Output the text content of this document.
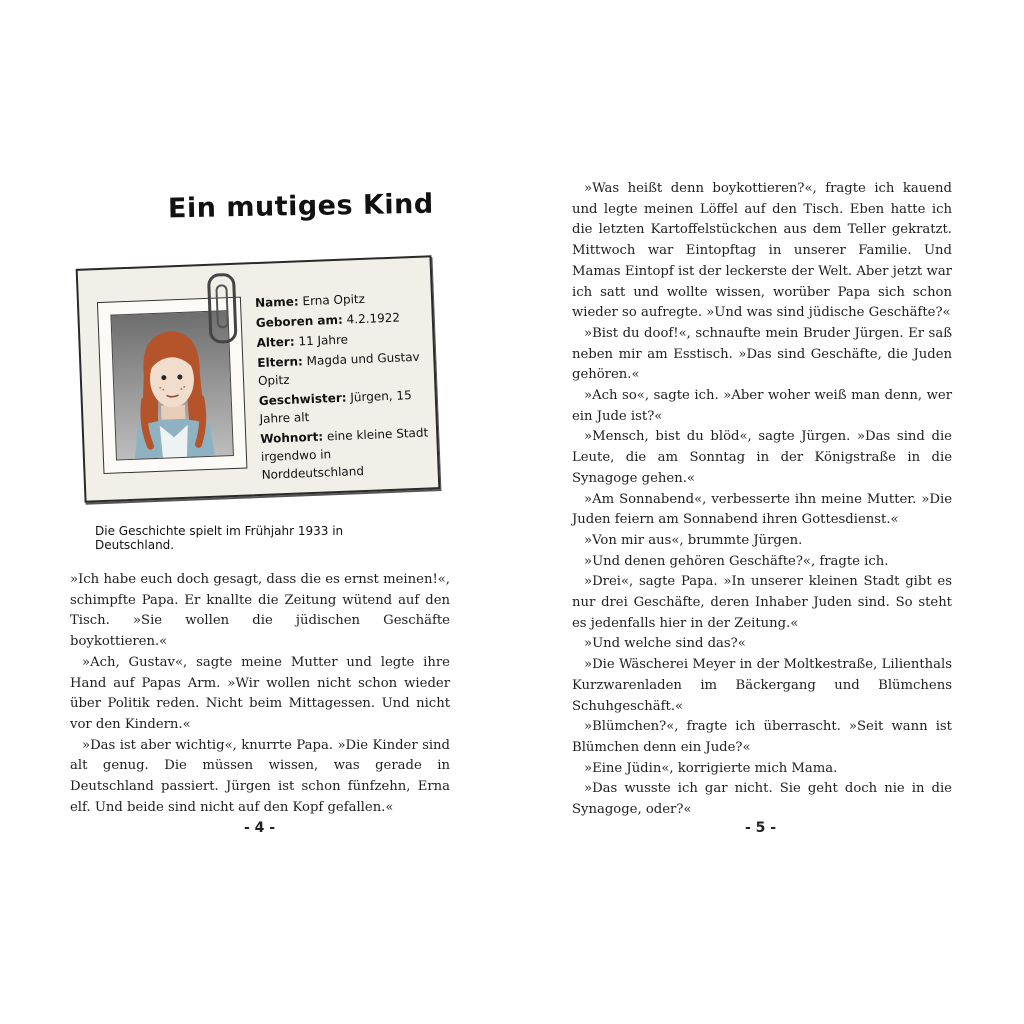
Ein mutiges Kind

Name: Erna Opitz

Geboren am: 4.2.1922

Alter: 11 Jahre

Eltern: Magda und Gustav Opitz

Geschwister: Jürgen, 15 Jahre alt

Wohnort: eine kleine Stadt irgendwo in Norddeutschland

Die Geschichte spielt im Frühjahr 1933 in Deutschland.

»Ich habe euch doch gesagt, dass die es ernst meinen!«, schimpfte Papa. Er knallte die Zeitung wütend auf den Tisch. »Sie wollen die jüdischen Geschäfte boykottieren.«

»Ach, Gustav«, sagte meine Mutter und legte ihre Hand auf Papas Arm. »Wir wollen nicht schon wieder über Politik reden. Nicht beim Mittagessen. Und nicht vor den Kindern.«

»Das ist aber wichtig«, knurrte Papa. »Die Kinder sind alt genug. Die müssen wissen, was gerade in Deutschland passiert. Jürgen ist schon fünfzehn, Erna elf. Und beide sind nicht auf den Kopf gefallen.«

- 4 -

»Was heißt denn boykottieren?«, fragte ich kauend und legte meinen Löffel auf den Tisch. Eben hatte ich die letzten Kartoffelstückchen aus dem Teller gekratzt. Mittwoch war Eintopftag in unserer Familie. Und Mamas Eintopf ist der leckerste der Welt. Aber jetzt war ich satt und wollte wissen, worüber Papa sich schon wieder so aufregte. »Und was sind jüdische Geschäfte?«

»Bist du doof!«, schnaufte mein Bruder Jürgen. Er saß neben mir am Esstisch. »Das sind Geschäfte, die Juden gehören.«

»Ach so«, sagte ich. »Aber woher weiß man denn, wer ein Jude ist?«

»Mensch, bist du blöd«, sagte Jürgen. »Das sind die Leute, die am Sonntag in der Königstraße in die Synagoge gehen.«

»Am Sonnabend«, verbesserte ihn meine Mutter. »Die Juden feiern am Sonnabend ihren Gottesdienst.«

»Von mir aus«, brummte Jürgen.

»Und denen gehören Geschäfte?«, fragte ich.

»Drei«, sagte Papa. »In unserer kleinen Stadt gibt es nur drei Geschäfte, deren Inhaber Juden sind. So steht es jedenfalls hier in der Zeitung.«

»Und welche sind das?«

»Die Wäscherei Meyer in der Moltkestraße, Lilienthals Kurzwarenladen im Bäckergang und Blümchens Schuhgeschäft.«

»Blümchen?«, fragte ich überrascht. »Seit wann ist Blümchen denn ein Jude?«

»Eine Jüdin«, korrigierte mich Mama.

»Das wusste ich gar nicht. Sie geht doch nie in die Synagoge, oder?«

- 5 -
